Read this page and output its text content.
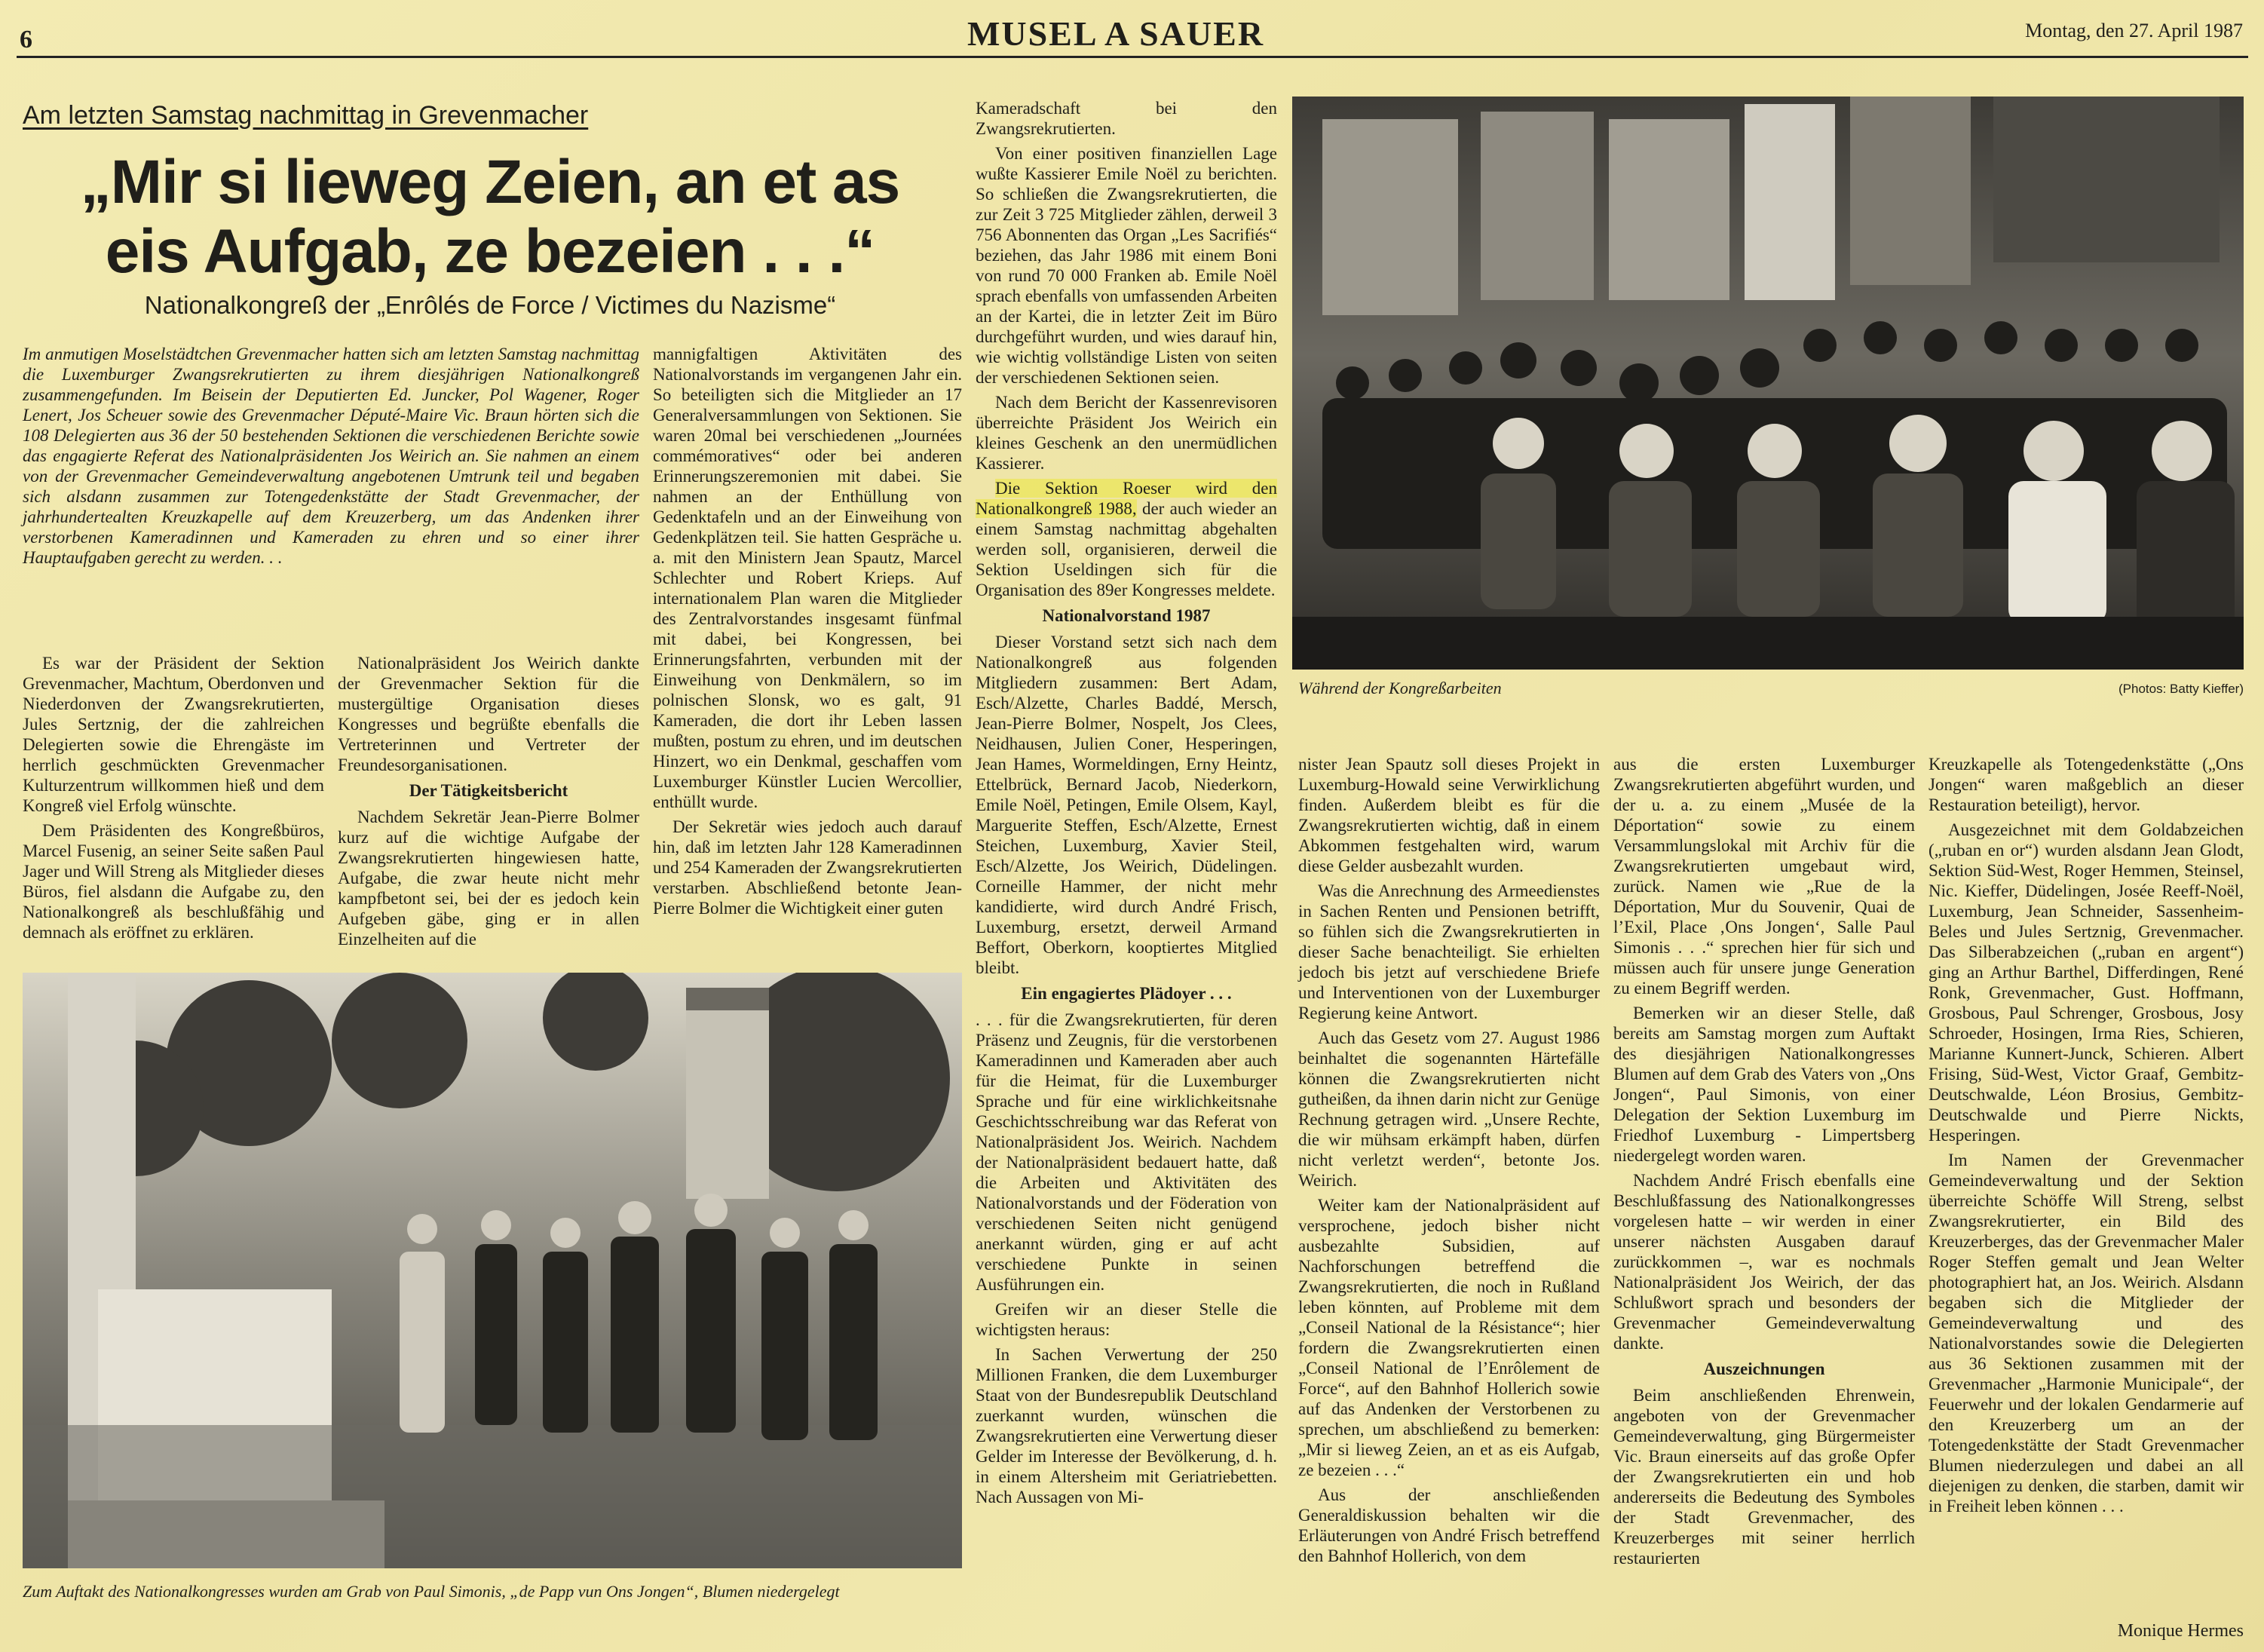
6	MUSEL A SAUER	Montag, den 27. April 1987
Am letzten Samstag nachmittag in Grevenmacher
„Mir si lieweg Zeien, an et as
eis Aufgab, ze bezeien . . .“
Nationalkongreß der „Enrôlés de Force / Victimes du Nazisme“

Im anmutigen Moselstädtchen Grevenmacher hatten sich am letzten Samstag nachmittag die Luxemburger Zwangsrekrutierten zu ihrem diesjährigen Nationalkongreß zusammengefunden. Im Beisein der Deputierten Ed. Juncker, Pol Wagener, Roger Lenert, Jos Scheuer sowie des Grevenmacher Député-Maire Vic. Braun hörten sich die 108 Delegierten aus 36 der 50 bestehenden Sektionen die verschiedenen Berichte sowie das engagierte Referat des Nationalpräsidenten Jos Weirich an. Sie nahmen an einem von der Grevenmacher Gemeindeverwaltung angebotenen Umtrunk teil und begaben sich alsdann zusammen zur Totengedenkstätte der Stadt Grevenmacher, der jahrhundertealten Kreuzkapelle auf dem Kreuzerberg, um das Andenken ihrer verstorbenen Kameradinnen und Kameraden zu ehren und so einer ihrer Hauptaufgaben gerecht zu werden. . .

Es war der Präsident der Sektion Grevenmacher, Machtum, Oberdonven und Niederdonven der Zwangsrekrutierten, Jules Sertznig, der die zahlreichen Delegierten sowie die Ehrengäste im herrlich geschmückten Grevenmacher Kulturzentrum willkommen hieß und dem Kongreß viel Erfolg wünschte.

Dem Präsidenten des Kongreßbüros, Marcel Fusenig, an seiner Seite saßen Paul Jager und Will Streng als Mitglieder dieses Büros, fiel alsdann die Aufgabe zu, den Nationalkongreß als beschlußfähig und demnach als eröffnet zu erklären.

Nationalpräsident Jos Weirich dankte der Grevenmacher Sektion für die mustergültige Organisation dieses Kongresses und begrüßte ebenfalls die Vertreterinnen und Vertreter der Freundesorganisationen.

Der Tätigkeitsbericht

Nachdem Sekretär Jean-Pierre Bolmer kurz auf die wichtige Aufgabe der Zwangsrekrutierten hingewiesen hatte, Aufgabe, die zwar heute nicht mehr kampfbetont sei, bei der es jedoch kein Aufgeben gäbe, ging er in allen Einzelheiten auf die

mannigfaltigen Aktivitäten des Nationalvorstands im vergangenen Jahr ein. So beteiligten sich die Mitglieder an 17 Generalversammlungen von Sektionen. Sie waren 20mal bei verschiedenen „Journées commémoratives“ oder bei anderen Erinnerungszeremonien mit dabei. Sie nahmen an der Enthüllung von Gedenktafeln und an der Einweihung von Gedenkplätzen teil. Sie hatten Gespräche u. a. mit den Ministern Jean Spautz, Marcel Schlechter und Robert Krieps. Auf internationalem Plan waren die Mitglieder des Zentralvorstandes insgesamt fünfmal mit dabei, bei Kongressen, bei Erinnerungsfahrten, verbunden mit der Einweihung von Denkmälern, so im polnischen Slonsk, wo es galt, 91 Kameraden, die dort ihr Leben lassen mußten, postum zu ehren, und im deutschen Hinzert, wo ein Denkmal, geschaffen vom Luxemburger Künstler Lucien Wercollier, enthüllt wurde.

Der Sekretär wies jedoch auch darauf hin, daß im letzten Jahr 128 Kameradinnen und 254 Kameraden der Zwangsrekrutierten verstarben. Abschließend betonte Jean-Pierre Bolmer die Wichtigkeit einer guten

Kameradschaft bei den Zwangsrekrutierten.

Von einer positiven finanziellen Lage wußte Kassierer Emile Noël zu berichten. So schließen die Zwangsrekrutierten, die zur Zeit 3 725 Mitglieder zählen, derweil 3 756 Abonnenten das Organ „Les Sacrifiés“ beziehen, das Jahr 1986 mit einem Boni von rund 70 000 Franken ab. Emile Noël sprach ebenfalls von umfassenden Arbeiten an der Kartei, die in letzter Zeit im Büro durchgeführt wurden, und wies darauf hin, wie wichtig vollständige Listen von seiten der verschiedenen Sektionen seien.

Nach dem Bericht der Kassenrevisoren überreichte Präsident Jos Weirich ein kleines Geschenk an den unermüdlichen Kassierer.

Die Sektion Roeser wird den Nationalkongreß 1988, der auch wieder an einem Samstag nachmittag abgehalten werden soll, organisieren, derweil die Sektion Useldingen sich für die Organisation des 89er Kongresses meldete.

Nationalvorstand 1987

Dieser Vorstand setzt sich nach dem Nationalkongreß aus folgenden Mitgliedern zusammen: Bert Adam, Esch/Alzette, Charles Baddé, Mersch, Jean-Pierre Bolmer, Nospelt, Jos Clees, Neidhausen, Julien Coner, Hesperingen, Jean Hames, Wormeldingen, Erny Heintz, Ettelbrück, Bernard Jacob, Niederkorn, Emile Noël, Petingen, Emile Olsem, Kayl, Marguerite Steffen, Esch/Alzette, Ernest Steichen, Luxemburg, Xavier Steil, Esch/Alzette, Jos Weirich, Düdelingen. Corneille Hammer, der nicht mehr kandidierte, wird durch André Frisch, Luxemburg, ersetzt, derweil Armand Beffort, Oberkorn, kooptiertes Mitglied bleibt.

Ein engagiertes Plädoyer . . .

. . . für die Zwangsrekrutierten, für deren Präsenz und Zeugnis, für die verstorbenen Kameradinnen und Kameraden aber auch für die Heimat, für die Luxemburger Sprache und für eine wirklichkeitsnahe Geschichtsschreibung war das Referat von Nationalpräsident Jos. Weirich. Nachdem der Nationalpräsident bedauert hatte, daß die Arbeiten und Aktivitäten des Nationalvorstands und der Föderation von verschiedenen Seiten nicht genügend anerkannt würden, ging er auf acht verschiedene Punkte in seinen Ausführungen ein.

Greifen wir an dieser Stelle die wichtigsten heraus:

In Sachen Verwertung der 250 Millionen Franken, die dem Luxemburger Staat von der Bundesrepublik Deutschland zuerkannt wurden, wünschen die Zwangsrekrutierten eine Verwertung dieser Gelder im Interesse der Bevölkerung, d. h. in einem Altersheim mit Geriatriebetten. Nach Aussagen von Mi-

nister Jean Spautz soll dieses Projekt in Luxemburg-Howald seine Verwirklichung finden. Außerdem bleibt es für die Zwangsrekrutierten wichtig, daß in einem Abkommen festgehalten wird, warum diese Gelder ausbezahlt wurden.

Was die Anrechnung des Armeedienstes in Sachen Renten und Pensionen betrifft, so fühlen sich die Zwangsrekrutierten in dieser Sache benachteiligt. Sie erhielten jedoch bis jetzt auf verschiedene Briefe und Interventionen von der Luxemburger Regierung keine Antwort.

Auch das Gesetz vom 27. August 1986 beinhaltet die sogenannten Härtefälle können die Zwangsrekrutierten nicht gutheißen, da ihnen darin nicht zur Genüge Rechnung getragen wird. „Unsere Rechte, die wir mühsam erkämpft haben, dürfen nicht verletzt werden“, betonte Jos. Weirich.

Weiter kam der Nationalpräsident auf versprochene, jedoch bisher nicht ausbezahlte Subsidien, auf Nachforschungen betreffend die Zwangsrekrutierten, die noch in Rußland leben könnten, auf Probleme mit dem „Conseil National de la Résistance“; hier fordern die Zwangsrekrutierten einen „Conseil National de l’Enrôlement de Force“, auf den Bahnhof Hollerich sowie auf das Andenken der Verstorbenen zu sprechen, um abschließend zu bemerken: „Mir si lieweg Zeien, an et as eis Aufgab, ze bezeien . . .“

Aus der anschließenden Generaldiskussion behalten wir die Erläuterungen von André Frisch betreffend den Bahnhof Hollerich, von dem

aus die ersten Luxemburger Zwangsrekrutierten abgeführt wurden, und der u. a. zu einem „Musée de la Déportation“ sowie zu einem Versammlungslokal mit Archiv für die Zwangsrekrutierten umgebaut wird, zurück. Namen wie „Rue de la Déportation, Mur du Souvenir, Quai de l’Exil, Place ‚Ons Jongen‘, Salle Paul Simonis . . .“ sprechen hier für sich und müssen auch für unsere junge Generation zu einem Begriff werden.

Bemerken wir an dieser Stelle, daß bereits am Samstag morgen zum Auftakt des diesjährigen Nationalkongresses Blumen auf dem Grab des Vaters von „Ons Jongen“, Paul Simonis, von einer Delegation der Sektion Luxemburg im Friedhof Luxemburg - Limpertsberg niedergelegt worden waren.

Nachdem André Frisch ebenfalls eine Beschlußfassung des Nationalkongresses vorgelesen hatte – wir werden in einer unserer nächsten Ausgaben darauf zurückkommen –, war es nochmals Nationalpräsident Jos Weirich, der das Schlußwort sprach und besonders der Grevenmacher Gemeindeverwaltung dankte.

Auszeichnungen

Beim anschließenden Ehrenwein, angeboten von der Grevenmacher Gemeindeverwaltung, ging Bürgermeister Vic. Braun einerseits auf das große Opfer der Zwangsrekrutierten ein und hob andererseits die Bedeutung des Symboles der Stadt Grevenmacher, des Kreuzerberges mit seiner herrlich restaurierten

Kreuzkapelle als Totengedenkstätte („Ons Jongen“ waren maßgeblich an dieser Restauration beteiligt), hervor.

Ausgezeichnet mit dem Goldabzeichen („ruban en or“) wurden alsdann Jean Glodt, Sektion Süd-West, Roger Hemmen, Steinsel, Nic. Kieffer, Düdelingen, Josée Reeff-Noël, Luxemburg, Jean Schneider, Sassenheim-Beles und Jules Sertznig, Grevenmacher. Das Silberabzeichen („ruban en argent“) ging an Arthur Barthel, Differdingen, René Ronk, Grevenmacher, Gust. Hoffmann, Grosbous, Paul Schrenger, Grosbous, Josy Schroeder, Hosingen, Irma Ries, Schieren, Marianne Kunnert-Junck, Schieren. Albert Frising, Süd-West, Victor Graaf, Gembitz-Deutschwalde, Léon Brosius, Gembitz-Deutschwalde und Pierre Nickts, Hesperingen.

Im Namen der Grevenmacher Gemeindeverwaltung und der Sektion überreichte Schöffe Will Streng, selbst Zwangsrekrutierter, ein Bild des Kreuzerberges, das der Grevenmacher Maler Roger Steffen gemalt und Jean Welter photographiert hat, an Jos. Weirich. Alsdann begaben sich die Mitglieder der Gemeindeverwaltung und des Nationalvorstandes sowie die Delegierten aus 36 Sektionen zusammen mit der Grevenmacher „Harmonie Municipale“, der Feuerwehr und der lokalen Gendarmerie auf den Kreuzerberg um an der Totengedenkstätte der Stadt Grevenmacher Blumen niederzulegen und dabei an all diejenigen zu denken, die starben, damit wir in Freiheit leben können . . .

Monique Hermes
Während der Kongreßarbeiten	(Photos: Batty Kieffer)
Zum Auftakt des Nationalkongresses wurden am Grab von Paul Simonis, „de Papp vun Ons Jongen“, Blumen niedergelegt
